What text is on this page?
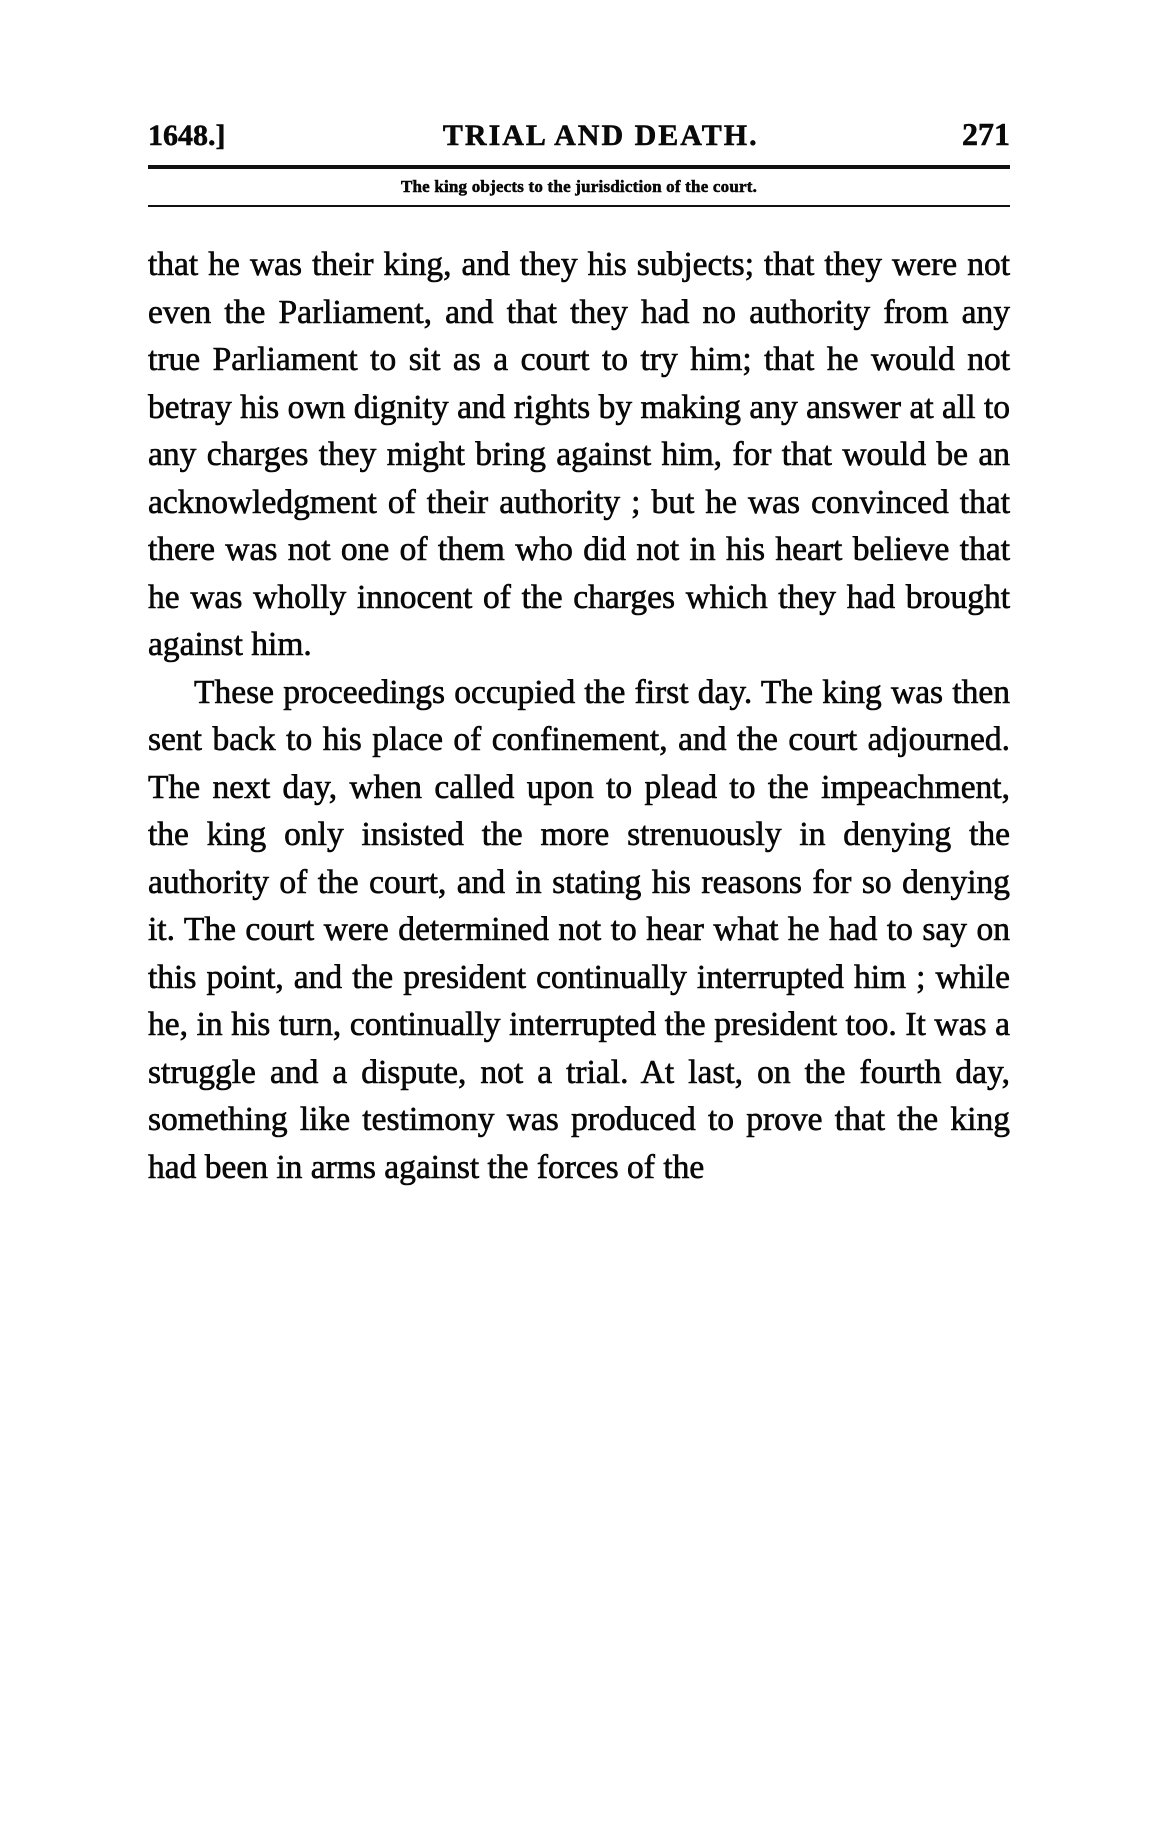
1648.]	TRIAL AND DEATH.	271
The king objects to the jurisdiction of the court.

that he was their king, and they his subjects; that they were not even the Parliament, and that they had no authority from any true Parliament to sit as a court to try him; that he would not betray his own dignity and rights by making any answer at all to any charges they might bring against him, for that would be an acknowledgment of their authority ; but he was convinced that there was not one of them who did not in his heart believe that he was wholly innocent of the charges which they had brought against him.

These proceedings occupied the first day. The king was then sent back to his place of confinement, and the court adjourned. The next day, when called upon to plead to the impeachment, the king only insisted the more strenuously in denying the authority of the court, and in stating his reasons for so denying it. The court were determined not to hear what he had to say on this point, and the president continually interrupted him ; while he, in his turn, continually interrupted the president too. It was a struggle and a dispute, not a trial. At last, on the fourth day, something like testimony was produced to prove that the king had been in arms against the forces of the
